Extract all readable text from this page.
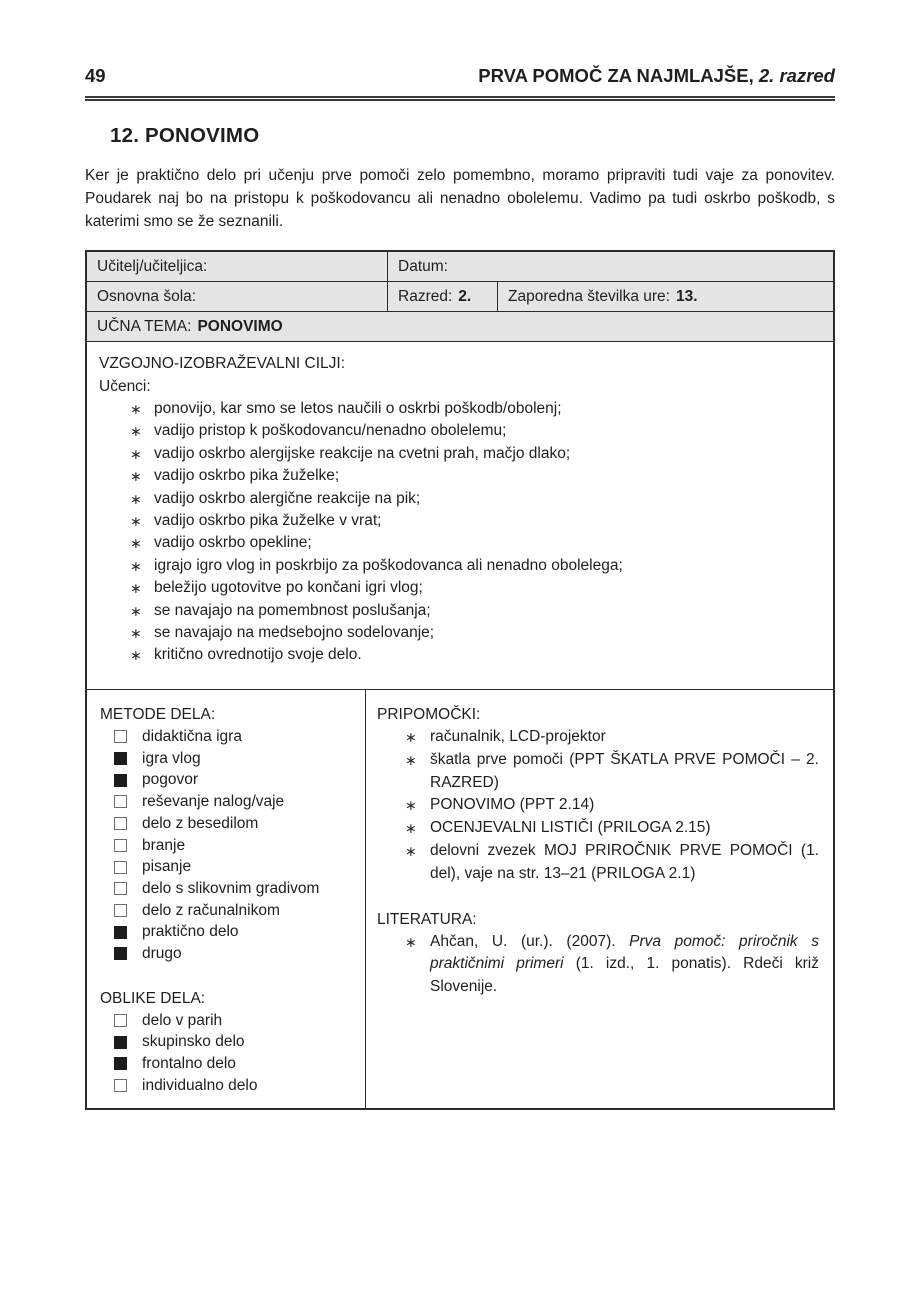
49	PRVA POMOČ ZA NAJMLAJŠE, 2. razred
12. PONOVIMO

Ker je praktično delo pri učenju prve pomoči zelo pomembno, moramo pripraviti tudi vaje za ponovitev. Poudarek naj bo na pristopu k poškodovancu ali nenadno obolelemu. Vadimo pa tudi oskrbo poškodb, s katerimi smo se že seznanili.

Učitelj/učiteljica:	Datum:
Osnovna šola:	Razred: 2. Zaporedna številka ure: 13.
UČNA TEMA: PONOVIMO
VZGOJNO-IZOBRAŽEVALNI CILJI:
Učenci:
∗ ponovijo, kar smo se letos naučili o oskrbi poškodb/obolenj;
∗ vadijo pristop k poškodovancu/nenadno obolelemu;
∗ vadijo oskrbo alergijske reakcije na cvetni prah, mačjo dlako;
∗ vadijo oskrbo pika žuželke;
∗ vadijo oskrbo alergične reakcije na pik;
∗ vadijo oskrbo pika žuželke v vrat;
∗ vadijo oskrbo opekline;
∗ igrajo igro vlog in poskrbijo za poškodovanca ali nenadno obolelega;
∗ beležijo ugotovitve po končani igri vlog;
∗ se navajajo na pomembnost poslušanja;
∗ se navajajo na medsebojno sodelovanje;
∗ kritično ovrednotijo svoje delo.
METODE DELA:
didaktična igra
igra vlog
pogovor
reševanje nalog/vaje
delo z besedilom
branje
pisanje
delo s slikovnim gradivom
delo z računalnikom
praktično delo
drugo
OBLIKE DELA:
delo v parih
skupinsko delo
frontalno delo
individualno delo
PRIPOMOČKI:
∗ računalnik, LCD-projektor
∗ škatla prve pomoči (PPT ŠKATLA PRVE POMOČI – 2. RAZRED)
∗ PONOVIMO (PPT 2.14)
∗ OCENJEVALNI LISTIČI (PRILOGA 2.15)
∗ delovni zvezek MOJ PRIROČNIK PRVE POMOČI (1. del), vaje na str. 13–21 (PRILOGA 2.1)
LITERATURA:
∗ Ahčan, U. (ur.). (2007). Prva pomoč: priročnik s praktičnimi primeri (1. izd., 1. ponatis). Rdeči križ Slovenije.
